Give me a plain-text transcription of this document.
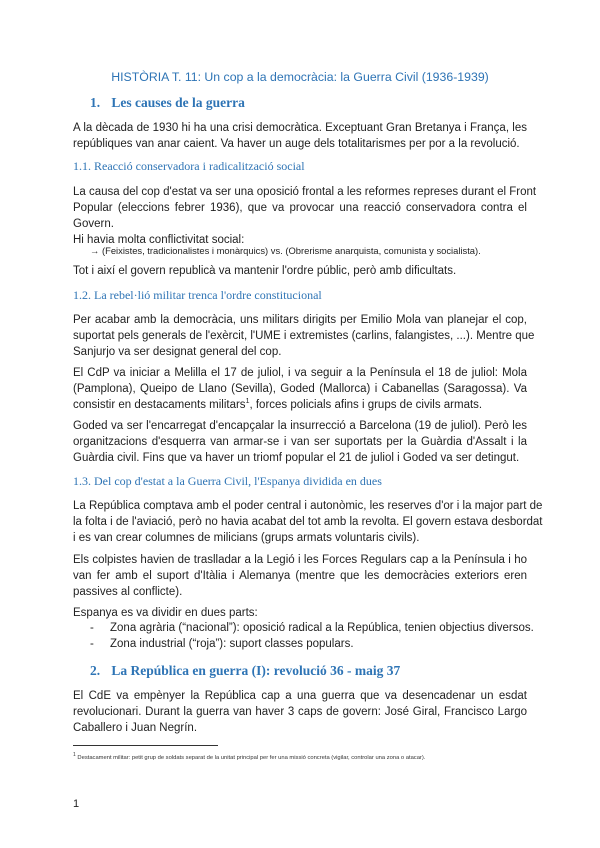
HISTÒRIA T. 11: Un cop a la democràcia: la Guerra Civil (1936-1939)
1. Les causes de la guerra
A la dècada de 1930 hi ha una crisi democràtica. Exceptuant Gran Bretanya i França, les
repúbliques van anar caient. Va haver un auge dels totalitarismes per por a la revolució.
1.1. Reacció conservadora i radicalització social
La causa del cop d'estat va ser una oposició frontal a les reformes represes durant el Front
Popular (eleccions febrer 1936), que va provocar una reacció conservadora contra el
Govern.
Hi havia molta conflictivitat social:
→ (Feixistes, tradicionalistes i monàrquics) vs. (Obrerisme anarquista, comunista y socialista).
Tot i així el govern republicà va mantenir l'ordre públic, però amb dificultats.
1.2. La rebel·lió militar trenca l'ordre constitucional
Per acabar amb la democràcia, uns militars dirigits per Emilio Mola van planejar el cop,
suportat pels generals de l'exèrcit, l'UME i extremistes (carlins, falangistes, ...). Mentre que
Sanjurjo va ser designat general del cop.
El CdP va iniciar a Melilla el 17 de juliol, i va seguir a la Península el 18 de juliol: Mola
(Pamplona), Queipo de Llano (Sevilla), Goded (Mallorca) i Cabanellas (Saragossa). Va
consistir en destacaments militars$^1$, forces policials afins i grups de civils armats.
Goded va ser l'encarregat d'encapçalar la insurrecció a Barcelona (19 de juliol). Però les
organitzacions d'esquerra van armar-se i van ser suportats per la Guàrdia d'Assalt i la
Guàrdia civil. Fins que va haver un triomf popular el 21 de juliol i Goded va ser detingut.
1.3. Del cop d'estat a la Guerra Civil, l'Espanya dividida en dues
La República comptava amb el poder central i autonòmic, les reserves d'or i la major part de
la folta i de l'aviació, però no havia acabat del tot amb la revolta. El govern estava desbordat
i es van crear columnes de milicians (grups armats voluntaris civils).
Els colpistes havien de traslladar a la Legió i les Forces Regulars cap a la Península i ho
van fer amb el suport d'Itàlia i Alemanya (mentre que les democràcies exteriors eren
passives al conflicte).
Espanya es va dividir en dues parts:
- Zona agrària (“nacional”): oposició radical a la República, tenien objectius diversos.
- Zona industrial (“roja”): suport classes populars.
2. La República en guerra (I): revolució 36 - maig 37
El CdE va empènyer la República cap a una guerra que va desencadenar un esdat
revolucionari. Durant la guerra van haver 3 caps de govern: José Giral, Francisco Largo
Caballero i Juan Negrín.
$^1$ Destacament militar: petit grup de soldats separat de la unitat principal per fer una missió concreta (vigilar, controlar una zona o atacar).
1
